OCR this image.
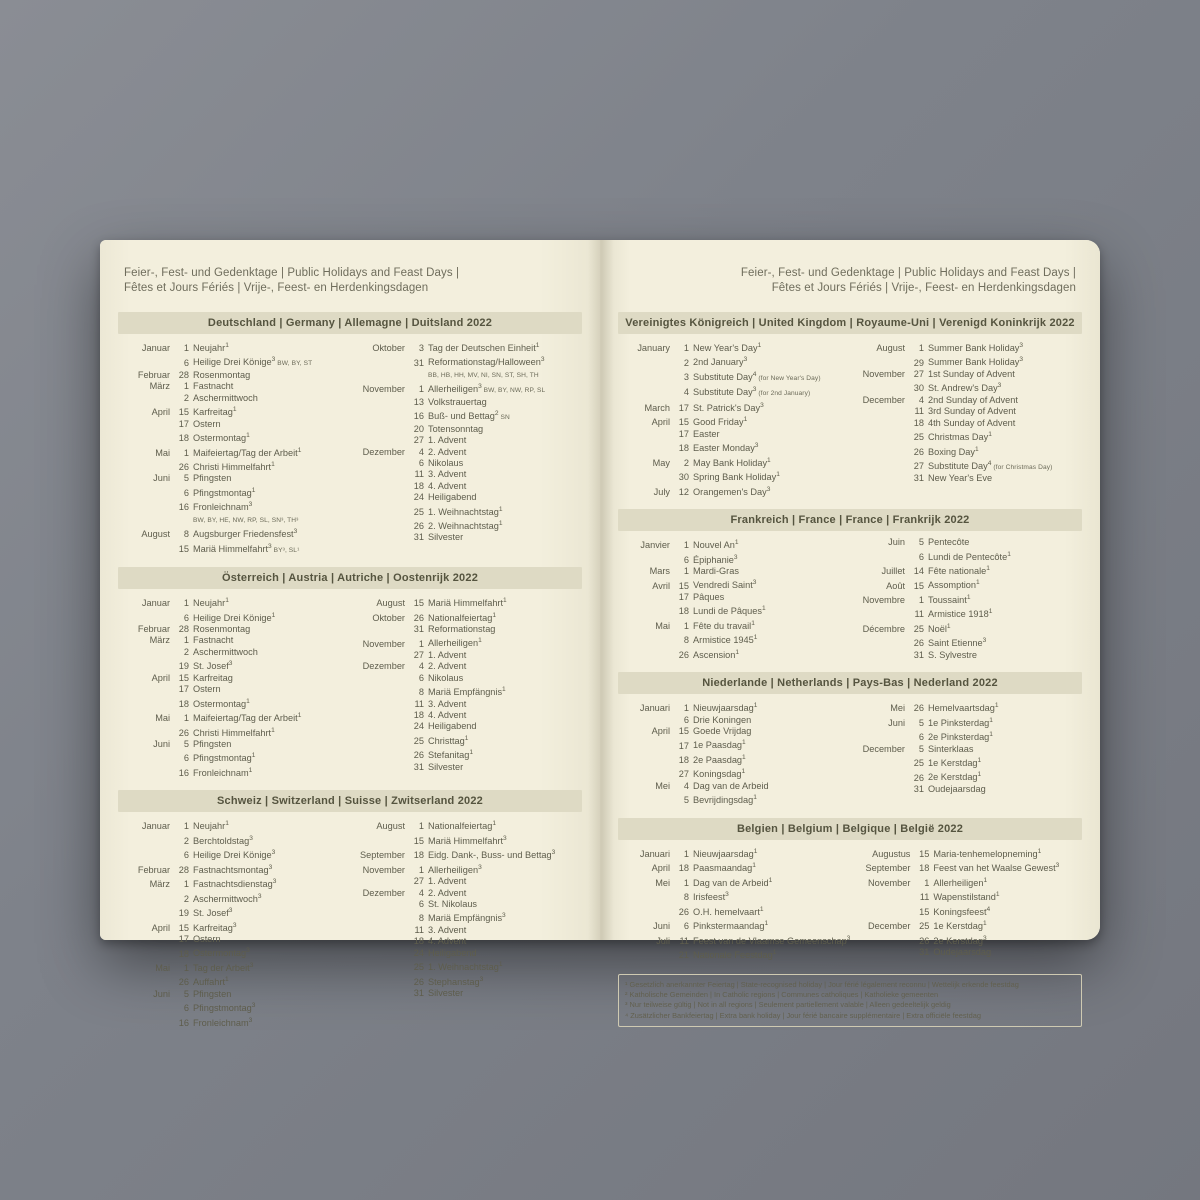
Feier-, Fest- und Gedenktage | Public Holidays and Feast Days |
Fêtes et Jours Fériés | Vrije-, Feest- en Herdenkingsdagen
Deutschland | Germany | Allemagne | Duitsland 2022
Januar	1 Neujahr$^1$
6 Heilige Drei Könige$^3$ BW, BY, ST
Februar 28 Rosenmontag
März	1 Fastnacht
2 Aschermittwoch
April 15 Karfreitag$^1$
17 Ostern
18 Ostermontag$^1$
Mai	1 Maifeiertag/Tag der Arbeit$^1$
26 Christi Himmelfahrt$^1$
Juni	5 Pfingsten
6 Pfingstmontag$^1$
16 Fronleichnam$^3$
BW, BY, HE, NW, RP, SL, SN³, TH³
August	8 Augsburger Friedensfest$^3$
15 Mariä Himmelfahrt$^3$ BY³, SL¹
Oktober	3 Tag der Deutschen Einheit$^1$
31 Reformationstag/Halloween$^3$
BB, HB, HH, MV, NI, SN, ST, SH, TH
November	1 Allerheiligen$^3$ BW, BY, NW, RP, SL
13 Volkstrauertag
16 Buß- und Bettag$^2$ SN
20 Totensonntag
27 1. Advent
Dezember	4 2. Advent
6 Nikolaus
11 3. Advent
18 4. Advent
24 Heiligabend
25 1. Weihnachtstag$^1$
26 2. Weihnachtstag$^1$
31 Silvester
Österreich | Austria | Autriche | Oostenrijk 2022
Januar	1 Neujahr$^1$
6 Heilige Drei Könige$^1$
Februar 28 Rosenmontag
März	1 Fastnacht
2 Aschermittwoch
19 St. Josef$^3$
April 15 Karfreitag
17 Ostern
18 Ostermontag$^1$
Mai	1 Maifeiertag/Tag der Arbeit$^1$
26 Christi Himmelfahrt$^1$
Juni	5 Pfingsten
6 Pfingstmontag$^1$
16 Fronleichnam$^1$
August 15 Mariä Himmelfahrt$^1$
Oktober 26 Nationalfeiertag$^1$
31 Reformationstag
November	1 Allerheiligen$^1$
27 1. Advent
Dezember	4 2. Advent
6 Nikolaus
8 Mariä Empfängnis$^1$
11 3. Advent
18 4. Advent
24 Heiligabend
25 Christtag$^1$
26 Stefanitag$^1$
31 Silvester
Schweiz | Switzerland | Suisse | Zwitserland 2022
Januar	1 Neujahr$^1$
2 Berchtoldstag$^3$
6 Heilige Drei Könige$^3$
Februar 28 Fastnachtsmontag$^3$
März	1 Fastnachtsdienstag$^3$
2 Aschermittwoch$^3$
19 St. Josef$^3$
April 15 Karfreitag$^3$
17 Ostern
18 Ostermontag$^3$
Mai	1 Tag der Arbeit$^3$
26 Auffahrt$^1$
Juni	5 Pfingsten
6 Pfingstmontag$^3$
16 Fronleichnam$^3$
August	1 Nationalfeiertag$^1$
15 Mariä Himmelfahrt$^3$
September 18 Eidg. Dank-, Buss- und Bettag$^3$
November	1 Allerheiligen$^3$
27 1. Advent
Dezember	4 2. Advent
6 St. Nikolaus
8 Mariä Empfängnis$^3$
11 3. Advent
18 4. Advent
24 Heiligabend
25 1. Weihnachtstag$^1$
26 Stephanstag$^3$
31 Silvester
Feier-, Fest- und Gedenktage | Public Holidays and Feast Days |
Fêtes et Jours Fériés | Vrije-, Feest- en Herdenkingsdagen
Vereinigtes Königreich | United Kingdom | Royaume-Uni | Verenigd Koninkrijk 2022
January	1 New Year's Day$^1$
2 2nd January$^3$
3 Substitute Day$^4$ (for New Year's Day)
4 Substitute Day$^3$ (for 2nd January)
March 17 St. Patrick's Day$^3$
April 15 Good Friday$^1$
17 Easter
18 Easter Monday$^3$
May	2 May Bank Holiday$^1$
30 Spring Bank Holiday$^1$
July 12 Orangemen's Day$^3$
August	1 Summer Bank Holiday$^3$
29 Summer Bank Holiday$^3$
November 27 1st Sunday of Advent
30 St. Andrew's Day$^3$
December	4 2nd Sunday of Advent
11 3rd Sunday of Advent
18 4th Sunday of Advent
25 Christmas Day$^1$
26 Boxing Day$^1$
27 Substitute Day$^4$ (for Christmas Day)
31 New Year's Eve
Frankreich | France | France | Frankrijk 2022
Janvier	1 Nouvel An$^1$
6 Épiphanie$^3$
Mars	1 Mardi-Gras
Avril 15 Vendredi Saint$^3$
17 Pâques
18 Lundi de Pâques$^1$
Mai	1 Fête du travail$^1$
8 Armistice 1945$^1$
26 Ascension$^1$
Juin	5 Pentecôte
6 Lundi de Pentecôte$^1$
Juillet 14 Fête nationale$^1$
Août 15 Assomption$^1$
Novembre	1 Toussaint$^1$
11 Armistice 1918$^1$
Décembre 25 Noël$^1$
26 Saint Etienne$^3$
31 S. Sylvestre
Niederlande | Netherlands | Pays-Bas | Nederland 2022
Januari	1 Nieuwjaarsdag$^1$
6 Drie Koningen
April 15 Goede Vrijdag
17 1e Paasdag$^1$
18 2e Paasdag$^1$
27 Koningsdag$^1$
Mei	4 Dag van de Arbeid
5 Bevrijdingsdag$^1$
Mei 26 Hemelvaartsdag$^1$
Juni	5 1e Pinksterdag$^1$
6 2e Pinksterdag$^1$
December	5 Sinterklaas
25 1e Kerstdag$^1$
26 2e Kerstdag$^1$
31 Oudejaarsdag
Belgien | Belgium | Belgique | België 2022
Januari	1 Nieuwjaarsdag$^1$
April 18 Paasmaandag$^1$
Mei	1 Dag van de Arbeid$^1$
8 Irisfeest$^3$
26 O.H. hemelvaart$^1$
Juni	6 Pinkstermaandag$^1$
Juli	11 Feest van de Vlaamse Gemeenschap$^3$
21 Nationale Feestdag$^1$
Augustus 15 Maria-tenhemelopneming$^1$
September 18 Feest van het Waalse Gewest$^3$
November	1 Allerheiligen$^1$
11 Wapenstilstand$^1$
15 Koningsfeest$^4$
December 25 1e Kerstdag$^1$
26 2e Kerstdag$^3$
31 Oudejaarsdag
¹ Gesetzlich anerkannter Feiertag | State-recognised holiday | Jour férié légalement reconnu | Wettelijk erkende feestdag
² Katholische Gemeinden | In Catholic regions | Communes catholiques | Katholieke gemeenten
³ Nur teilweise gültig | Not in all regions | Seulement partiellement valable | Alleen gedeeltelijk geldig
⁴ Zusätzlicher Bankfeiertag | Extra bank holiday | Jour férié bancaire supplémentaire | Extra officiële feestdag
